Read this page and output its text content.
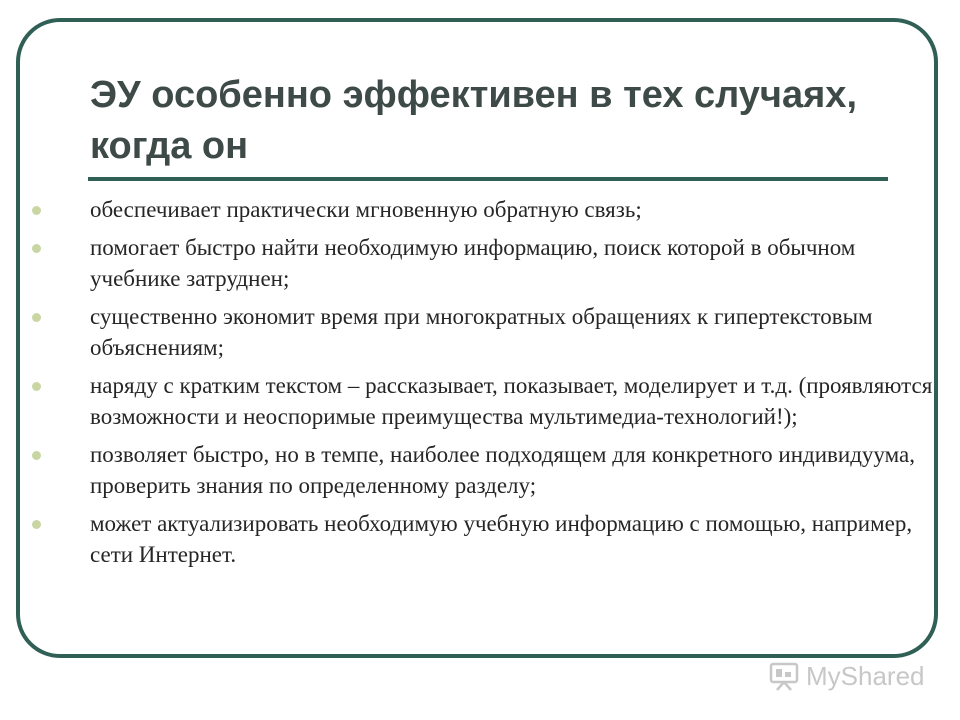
ЭУ особенно эффективен в тех случаях, когда он
обеспечивает практически мгновенную обратную связь;
помогает быстро найти необходимую информацию, поиск которой в обычном учебнике затруднен;
существенно экономит время при многократных обращениях к гипертекстовым объяснениям;
наряду с кратким текстом – рассказывает, показывает, моделирует и т.д. (проявляются возможности и неоспоримые преимущества мультимедиа-технологий!);
позволяет быстро, но в темпе, наиболее подходящем для конкретного индивидуума, проверить знания по определенному разделу;
может актуализировать необходимую учебную информацию с помощью, например, сети Интернет.
MyShared
